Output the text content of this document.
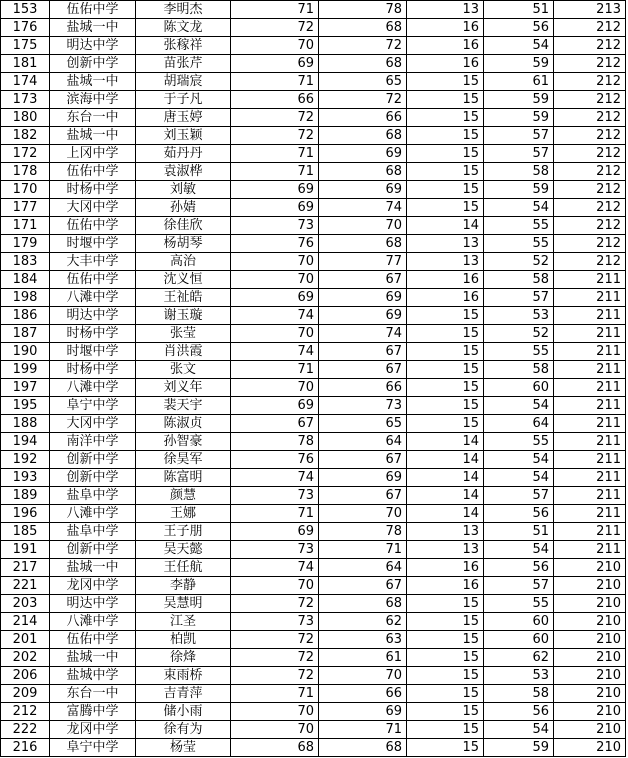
153	伍佑中学	李明杰	71	78	13	51	213	
176	盐城一中	陈文龙	72	68	16	56	212	
175	明达中学	张稼祥	70	72	16	54	212	
181	创新中学	苗张芹	69	68	16	59	212	
174	盐城一中	胡瑞宸	71	65	15	61	212	
173	滨海中学	于子凡	66	72	15	59	212	
180	东台一中	唐玉婷	72	66	15	59	212	
182	盐城一中	刘玉颖	72	68	15	57	212	
172	上冈中学	茹丹丹	71	69	15	57	212	
178	伍佑中学	袁淑桦	71	68	15	58	212	
170	时杨中学	刘敏	69	69	15	59	212	
177	大冈中学	孙婧	69	74	15	54	212	
171	伍佑中学	徐佳欣	73	70	14	55	212	
179	时堰中学	杨胡琴	76	68	13	55	212	
183	大丰中学	高治	70	77	13	52	212	
184	伍佑中学	沈义恒	70	67	16	58	211	
198	八滩中学	王祉皓	69	69	16	57	211	
186	明达中学	谢玉璇	74	69	15	53	211	
187	时杨中学	张莹	70	74	15	52	211	
190	时堰中学	肖洪霞	74	67	15	55	211	
199	时杨中学	张文	71	67	15	58	211	
197	八滩中学	刘义年	70	66	15	60	211	
195	阜宁中学	裴天宇	69	73	15	54	211	
188	大冈中学	陈淑贞	67	65	15	64	211	
194	南洋中学	孙智豪	78	64	14	55	211	
192	创新中学	徐昊军	76	67	14	54	211	
193	创新中学	陈富明	74	69	14	54	211	
189	盐阜中学	颜慧	73	67	14	57	211	
196	八滩中学	王娜	71	70	14	56	211	
185	盐阜中学	王子朋	69	78	13	51	211	
191	创新中学	吴天懿	73	71	13	54	211	
217	盐城一中	王任航	74	64	16	56	210	
221	龙冈中学	李静	70	67	16	57	210	
203	明达中学	吴慧明	72	68	15	55	210	
214	八滩中学	江圣	73	62	15	60	210	
201	伍佑中学	柏凯	72	63	15	60	210	
202	盐城一中	徐烽	72	61	15	62	210	
206	盐城中学	束雨桥	72	70	15	53	210	
209	东台一中	吉青萍	71	66	15	58	210	
212	富腾中学	储小雨	70	69	15	56	210	
222	龙冈中学	徐有为	70	71	15	54	210	
216	阜宁中学	杨莹	68	68	15	59	210	
